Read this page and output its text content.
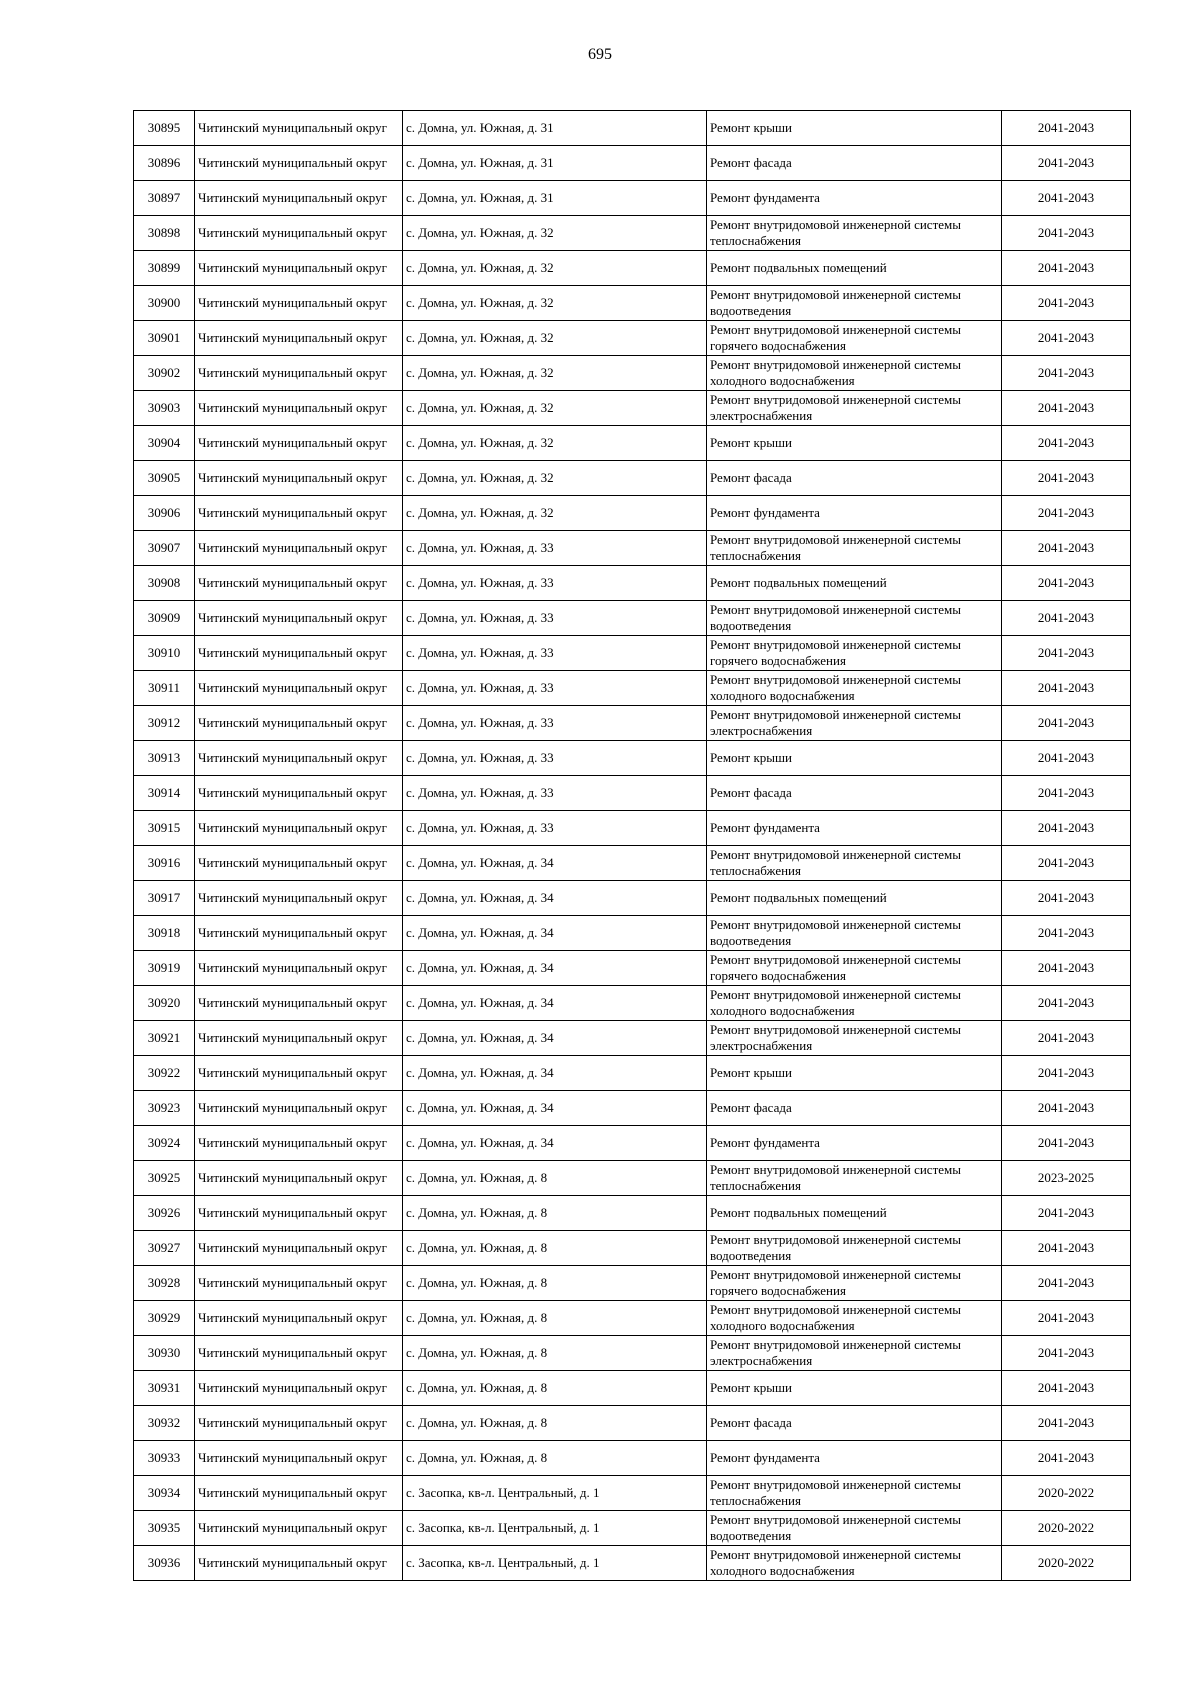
695
30895	Читинский муниципальный округ	с. Домна, ул. Южная, д. 31	Ремонт крыши	2041-2043
30896	Читинский муниципальный округ	с. Домна, ул. Южная, д. 31	Ремонт фасада	2041-2043
30897	Читинский муниципальный округ	с. Домна, ул. Южная, д. 31	Ремонт фундамента	2041-2043
30898	Читинский муниципальный округ	с. Домна, ул. Южная, д. 32	Ремонт внутридомовой инженерной системы теплоснабжения	2041-2043
30899	Читинский муниципальный округ	с. Домна, ул. Южная, д. 32	Ремонт подвальных помещений	2041-2043
30900	Читинский муниципальный округ	с. Домна, ул. Южная, д. 32	Ремонт внутридомовой инженерной системы водоотведения	2041-2043
30901	Читинский муниципальный округ	с. Домна, ул. Южная, д. 32	Ремонт внутридомовой инженерной системы горячего водоснабжения	2041-2043
30902	Читинский муниципальный округ	с. Домна, ул. Южная, д. 32	Ремонт внутридомовой инженерной системы холодного водоснабжения	2041-2043
30903	Читинский муниципальный округ	с. Домна, ул. Южная, д. 32	Ремонт внутридомовой инженерной системы электроснабжения	2041-2043
30904	Читинский муниципальный округ	с. Домна, ул. Южная, д. 32	Ремонт крыши	2041-2043
30905	Читинский муниципальный округ	с. Домна, ул. Южная, д. 32	Ремонт фасада	2041-2043
30906	Читинский муниципальный округ	с. Домна, ул. Южная, д. 32	Ремонт фундамента	2041-2043
30907	Читинский муниципальный округ	с. Домна, ул. Южная, д. 33	Ремонт внутридомовой инженерной системы теплоснабжения	2041-2043
30908	Читинский муниципальный округ	с. Домна, ул. Южная, д. 33	Ремонт подвальных помещений	2041-2043
30909	Читинский муниципальный округ	с. Домна, ул. Южная, д. 33	Ремонт внутридомовой инженерной системы водоотведения	2041-2043
30910	Читинский муниципальный округ	с. Домна, ул. Южная, д. 33	Ремонт внутридомовой инженерной системы горячего водоснабжения	2041-2043
30911	Читинский муниципальный округ	с. Домна, ул. Южная, д. 33	Ремонт внутридомовой инженерной системы холодного водоснабжения	2041-2043
30912	Читинский муниципальный округ	с. Домна, ул. Южная, д. 33	Ремонт внутридомовой инженерной системы электроснабжения	2041-2043
30913	Читинский муниципальный округ	с. Домна, ул. Южная, д. 33	Ремонт крыши	2041-2043
30914	Читинский муниципальный округ	с. Домна, ул. Южная, д. 33	Ремонт фасада	2041-2043
30915	Читинский муниципальный округ	с. Домна, ул. Южная, д. 33	Ремонт фундамента	2041-2043
30916	Читинский муниципальный округ	с. Домна, ул. Южная, д. 34	Ремонт внутридомовой инженерной системы теплоснабжения	2041-2043
30917	Читинский муниципальный округ	с. Домна, ул. Южная, д. 34	Ремонт подвальных помещений	2041-2043
30918	Читинский муниципальный округ	с. Домна, ул. Южная, д. 34	Ремонт внутридомовой инженерной системы водоотведения	2041-2043
30919	Читинский муниципальный округ	с. Домна, ул. Южная, д. 34	Ремонт внутридомовой инженерной системы горячего водоснабжения	2041-2043
30920	Читинский муниципальный округ	с. Домна, ул. Южная, д. 34	Ремонт внутридомовой инженерной системы холодного водоснабжения	2041-2043
30921	Читинский муниципальный округ	с. Домна, ул. Южная, д. 34	Ремонт внутридомовой инженерной системы электроснабжения	2041-2043
30922	Читинский муниципальный округ	с. Домна, ул. Южная, д. 34	Ремонт крыши	2041-2043
30923	Читинский муниципальный округ	с. Домна, ул. Южная, д. 34	Ремонт фасада	2041-2043
30924	Читинский муниципальный округ	с. Домна, ул. Южная, д. 34	Ремонт фундамента	2041-2043
30925	Читинский муниципальный округ	с. Домна, ул. Южная, д. 8	Ремонт внутридомовой инженерной системы теплоснабжения	2023-2025
30926	Читинский муниципальный округ	с. Домна, ул. Южная, д. 8	Ремонт подвальных помещений	2041-2043
30927	Читинский муниципальный округ	с. Домна, ул. Южная, д. 8	Ремонт внутридомовой инженерной системы водоотведения	2041-2043
30928	Читинский муниципальный округ	с. Домна, ул. Южная, д. 8	Ремонт внутридомовой инженерной системы горячего водоснабжения	2041-2043
30929	Читинский муниципальный округ	с. Домна, ул. Южная, д. 8	Ремонт внутридомовой инженерной системы холодного водоснабжения	2041-2043
30930	Читинский муниципальный округ	с. Домна, ул. Южная, д. 8	Ремонт внутридомовой инженерной системы электроснабжения	2041-2043
30931	Читинский муниципальный округ	с. Домна, ул. Южная, д. 8	Ремонт крыши	2041-2043
30932	Читинский муниципальный округ	с. Домна, ул. Южная, д. 8	Ремонт фасада	2041-2043
30933	Читинский муниципальный округ	с. Домна, ул. Южная, д. 8	Ремонт фундамента	2041-2043
30934	Читинский муниципальный округ	с. Засопка, кв-л. Центральный, д. 1	Ремонт внутридомовой инженерной системы теплоснабжения	2020-2022
30935	Читинский муниципальный округ	с. Засопка, кв-л. Центральный, д. 1	Ремонт внутридомовой инженерной системы водоотведения	2020-2022
30936	Читинский муниципальный округ	с. Засопка, кв-л. Центральный, д. 1	Ремонт внутридомовой инженерной системы холодного водоснабжения	2020-2022
